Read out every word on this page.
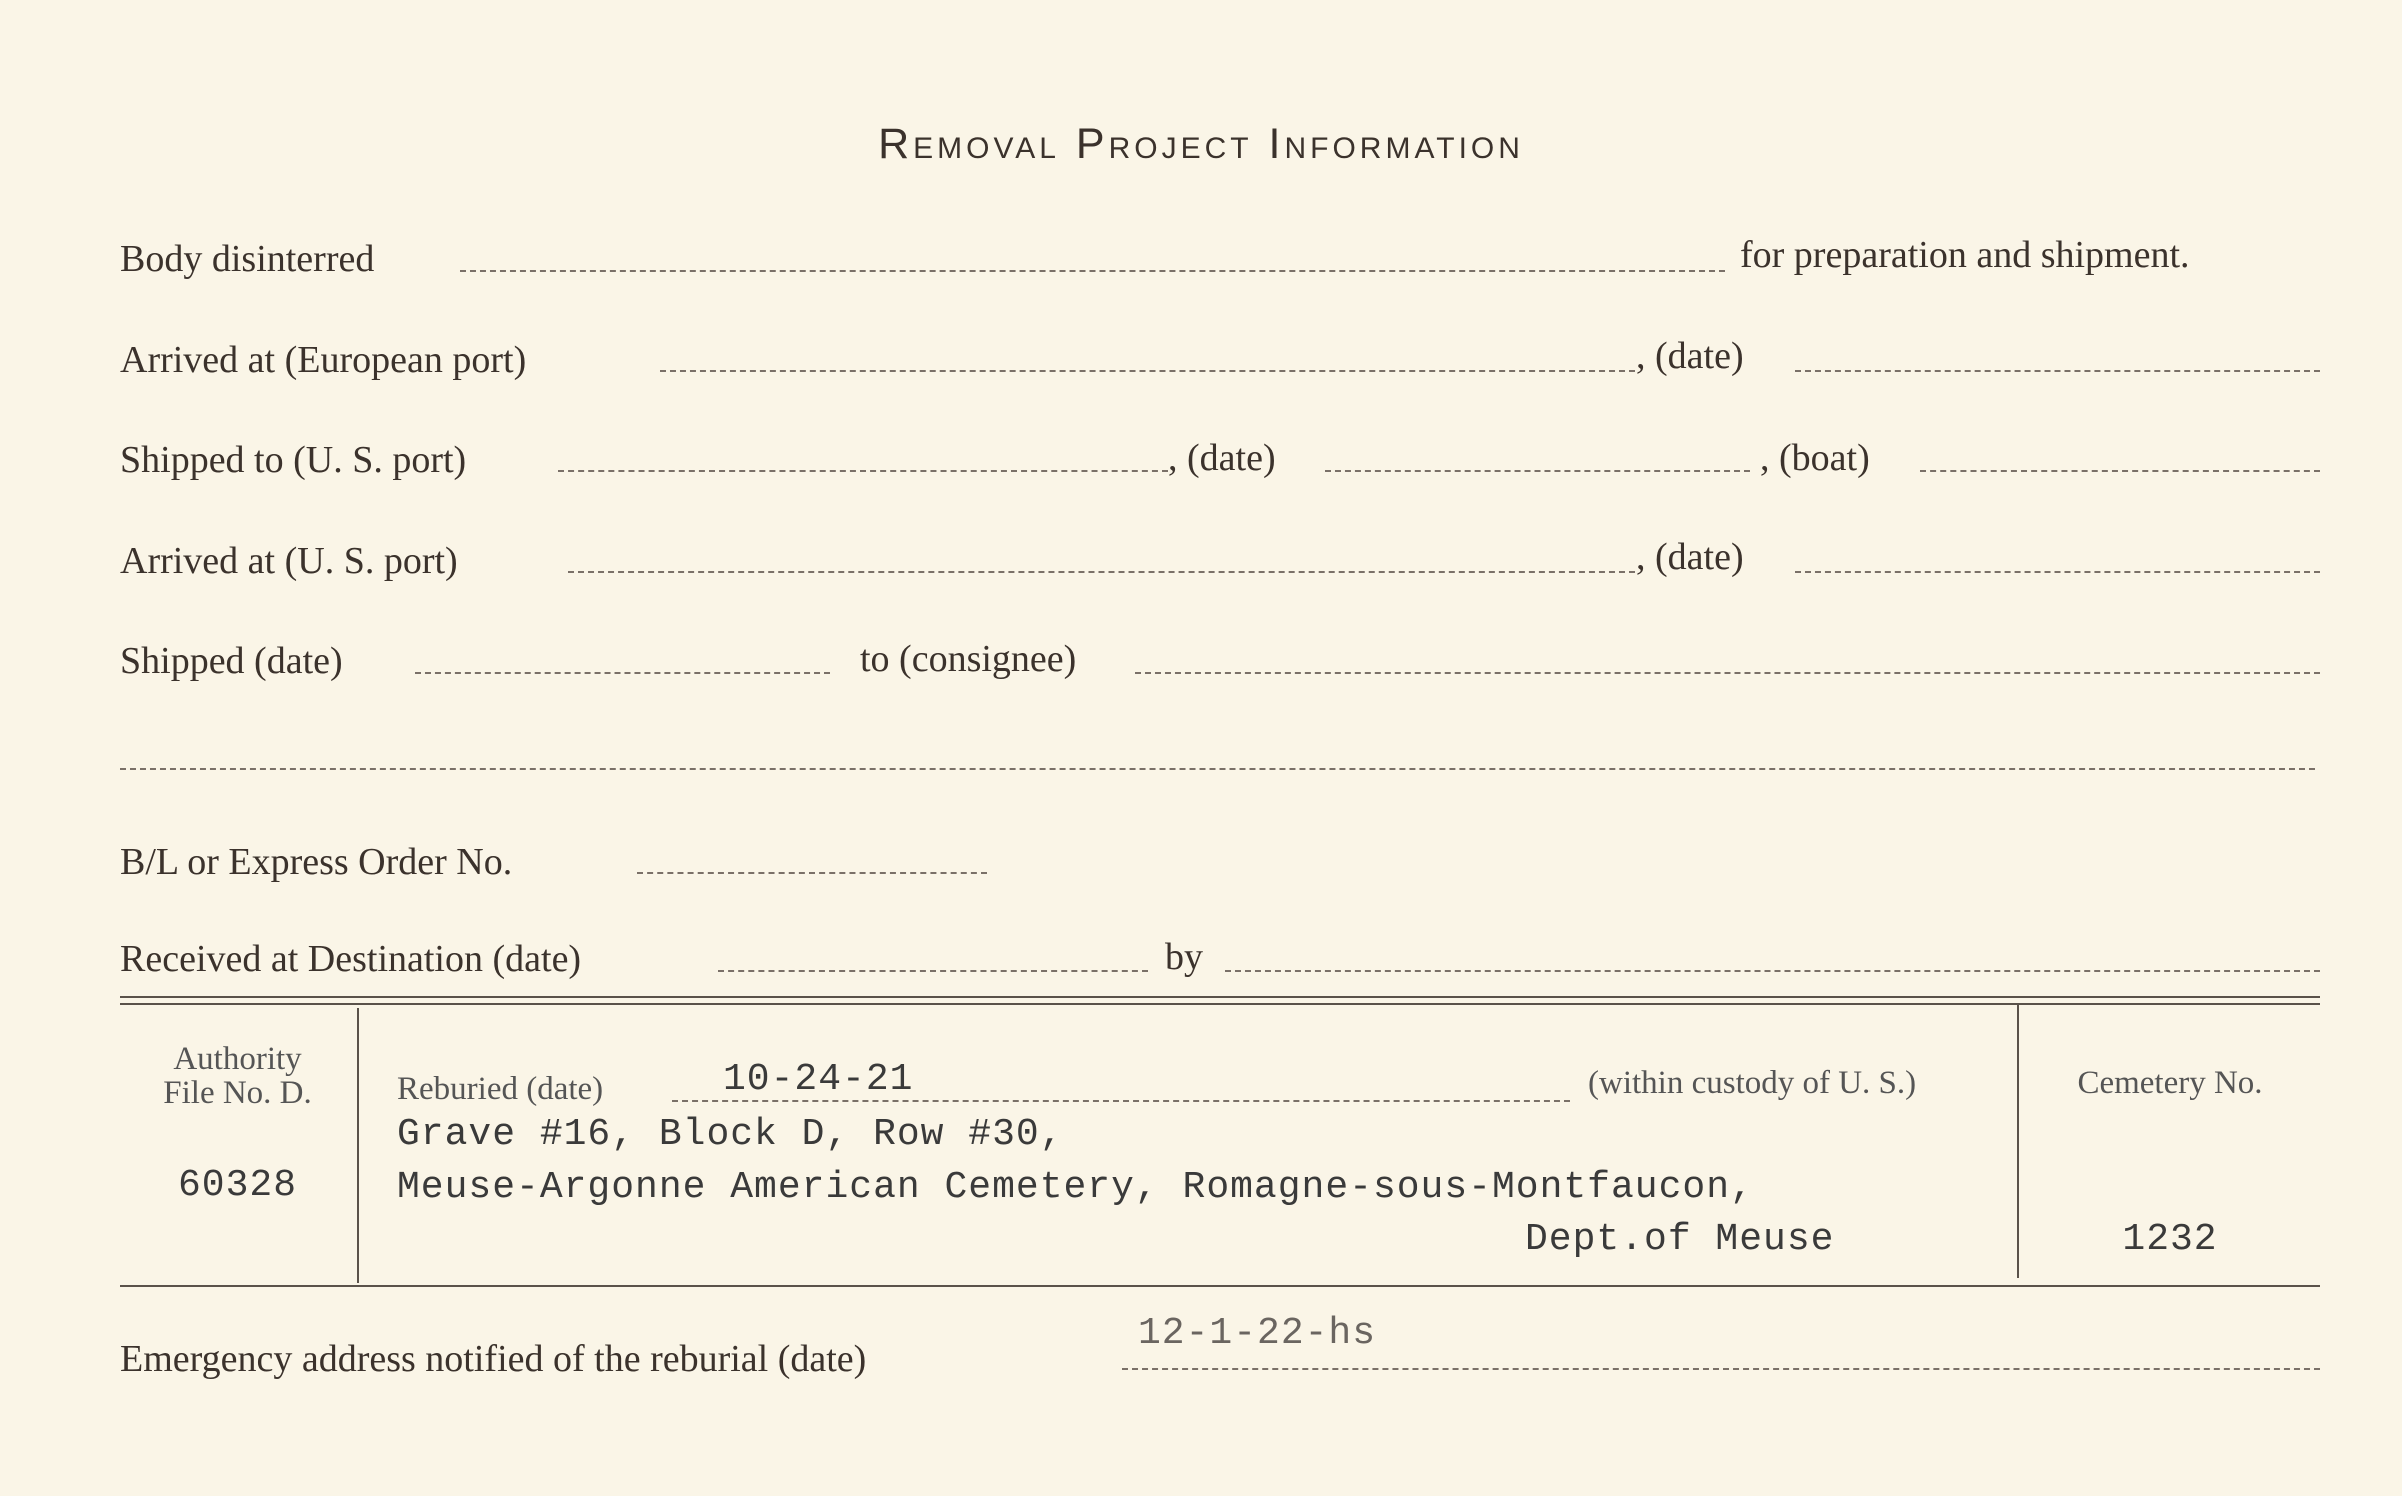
Removal Project Information
Body disinterred	for preparation and shipment.
Arrived at (European port)	, (date)
Shipped to (U. S. port)	, (date)	, (boat)
Arrived at (U. S. port)	, (date)
Shipped (date)	to (consignee)
B/L or Express Order No.
Received at Destination (date)	by
Authority
File No. D.
60328
Reburied (date)	10-24-21	(within custody of U. S.)
Grave #16, Block D, Row #30,
Meuse-Argonne American Cemetery, Romagne-sous-Montfaucon,
Dept.of Meuse
Cemetery No.
1232
Emergency address notified of the reburial (date)
12-1-22-hs
